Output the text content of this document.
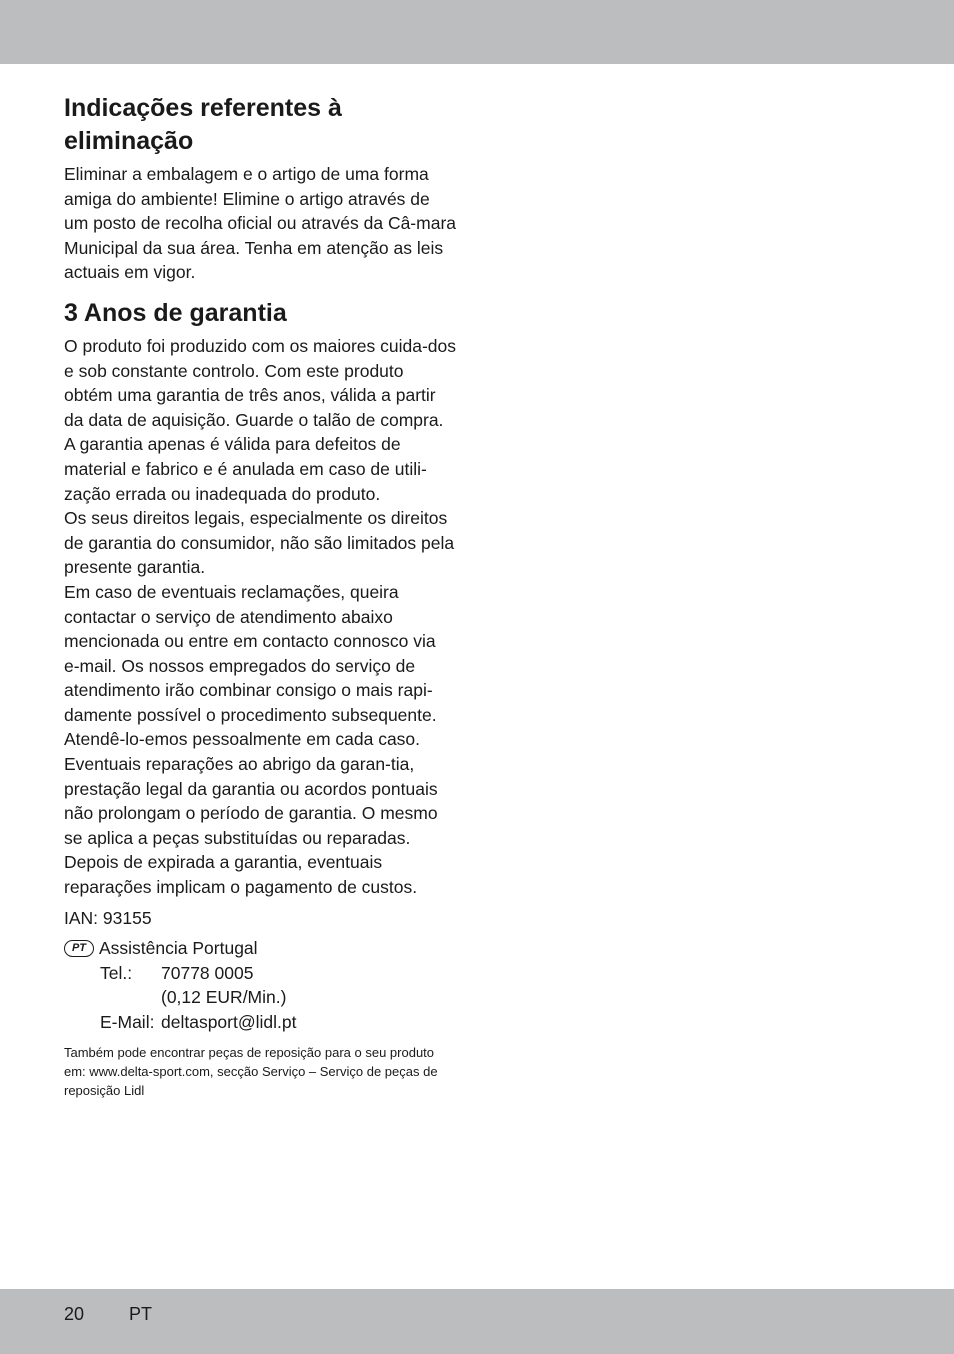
Indicações referentes à eliminação

Eliminar a embalagem e o artigo de uma forma amiga do ambiente! Elimine o artigo através de um posto de recolha oficial ou através da Câ-mara Municipal da sua área. Tenha em atenção as leis actuais em vigor.

3 Anos de garantia

O produto foi produzido com os maiores cuida-dos e sob constante controlo. Com este produto obtém uma garantia de três anos, válida a partir da data de aquisição. Guarde o talão de compra.

A garantia apenas é válida para defeitos de material e fabrico e é anulada em caso de utili-zação errada ou inadequada do produto.

Os seus direitos legais, especialmente os direitos de garantia do consumidor, não são limitados pela presente garantia.

Em caso de eventuais reclamações, queira contactar o serviço de atendimento abaixo mencionada ou entre em contacto connosco via e-mail. Os nossos empregados do serviço de atendimento irão combinar consigo o mais rapi-damente possível o procedimento subsequente. Atendê-lo-emos pessoalmente em cada caso.

Eventuais reparações ao abrigo da garan-tia, prestação legal da garantia ou acordos pontuais não prolongam o período de garantia. O mesmo se aplica a peças substituídas ou reparadas.

Depois de expirada a garantia, eventuais reparações implicam o pagamento de custos.

IAN: 93155

PT Assistência Portugal
Tel.:	70778 0005
(0,12 EUR/Min.)
E-Mail: deltasport@lidl.pt

Também pode encontrar peças de reposição para o seu produto em: www.delta-sport.com, secção Serviço – Serviço de peças de reposição Lidl

20 PT
